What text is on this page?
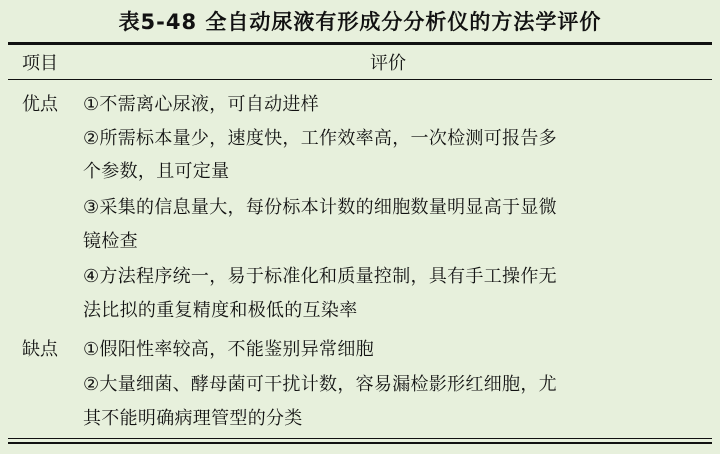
表5-48 全自动尿液有形成分分析仪的方法学评价
项目	评价
优点 ①不需离心尿液，可自动进样
②所需标本量少，速度快，工作效率高，一次检测可报告多
个参数，且可定量
③采集的信息量大，每份标本计数的细胞数量明显高于显微
镜检查
④方法程序统一，易于标准化和质量控制，具有手工操作无
法比拟的重复精度和极低的互染率
缺点 ①假阳性率较高，不能鉴别异常细胞
②大量细菌、酵母菌可干扰计数，容易漏检影形红细胞，尤
其不能明确病理管型的分类
